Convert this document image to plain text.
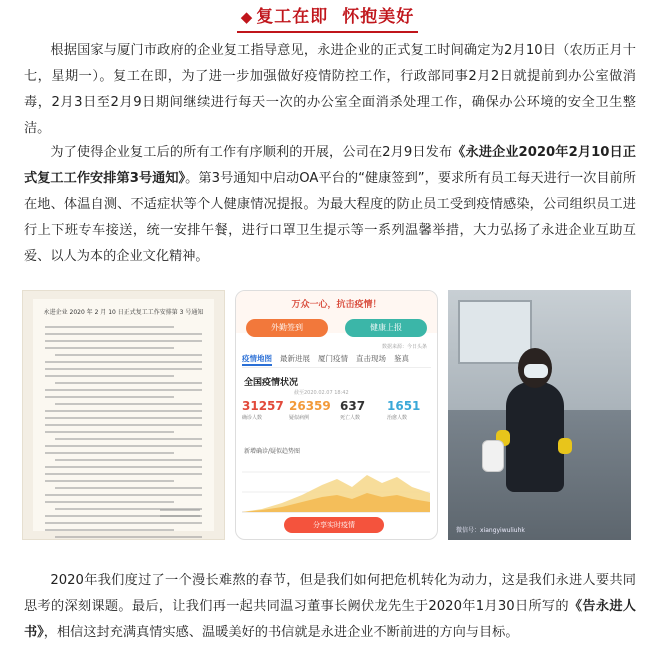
◆ 复工在即 怀抱美好

根据国家与厦门市政府的企业复工指导意见，永进企业的正式复工时间确定为2月10日（农历正月十七，星期一）。复工在即，为了进一步加强做好疫情防控工作，行政部同事2月2日就提前到办公室做消毒，2月3日至2月9日期间继续进行每天一次的办公室全面消杀处理工作，确保办公环境的安全卫生整洁。

为了使得企业复工后的所有工作有序顺利的开展，公司在2月9日发布《永进企业2020年2月10日正式复工工作安排第3号通知》。第3号通知中启动OA平台的“健康签到”，要求所有员工每天进行一次目前所在地、体温自测、不适症状等个人健康情况提报。为最大程度的防止员工受到疫情感染，公司组织员工进行上下班专车接送，统一安排午餐，进行口罩卫生提示等一系列温馨举措，大力弘扬了永进企业互助互爱、以人为本的企业文化精神。

永进企业 2020 年 2 月 10 日正式复工工作安排第 3 号通知
万众一心，抗击疫情！
外勤签到	健康上报
数据来源：今日头条
疫情地图 最新进展 厦门疫情 直击现场 鉴真
全国疫情状况
截至2020.02.07 18:42
31257
确诊人数
26359
疑似病例
637
死亡人数
1651
治愈人数
新增确诊/疑似趋势图
分享实时疫情
微信号：xiangyiwuliuhk

2020年我们度过了一个漫长难熬的春节，但是我们如何把危机转化为动力，这是我们永进人要共同思考的深刻课题。最后，让我们再一起共同温习董事长阙伏龙先生于2020年1月30日所写的《告永进人书》，相信这封充满真情实感、温暖美好的书信就是永进企业不断前进的方向与目标。
